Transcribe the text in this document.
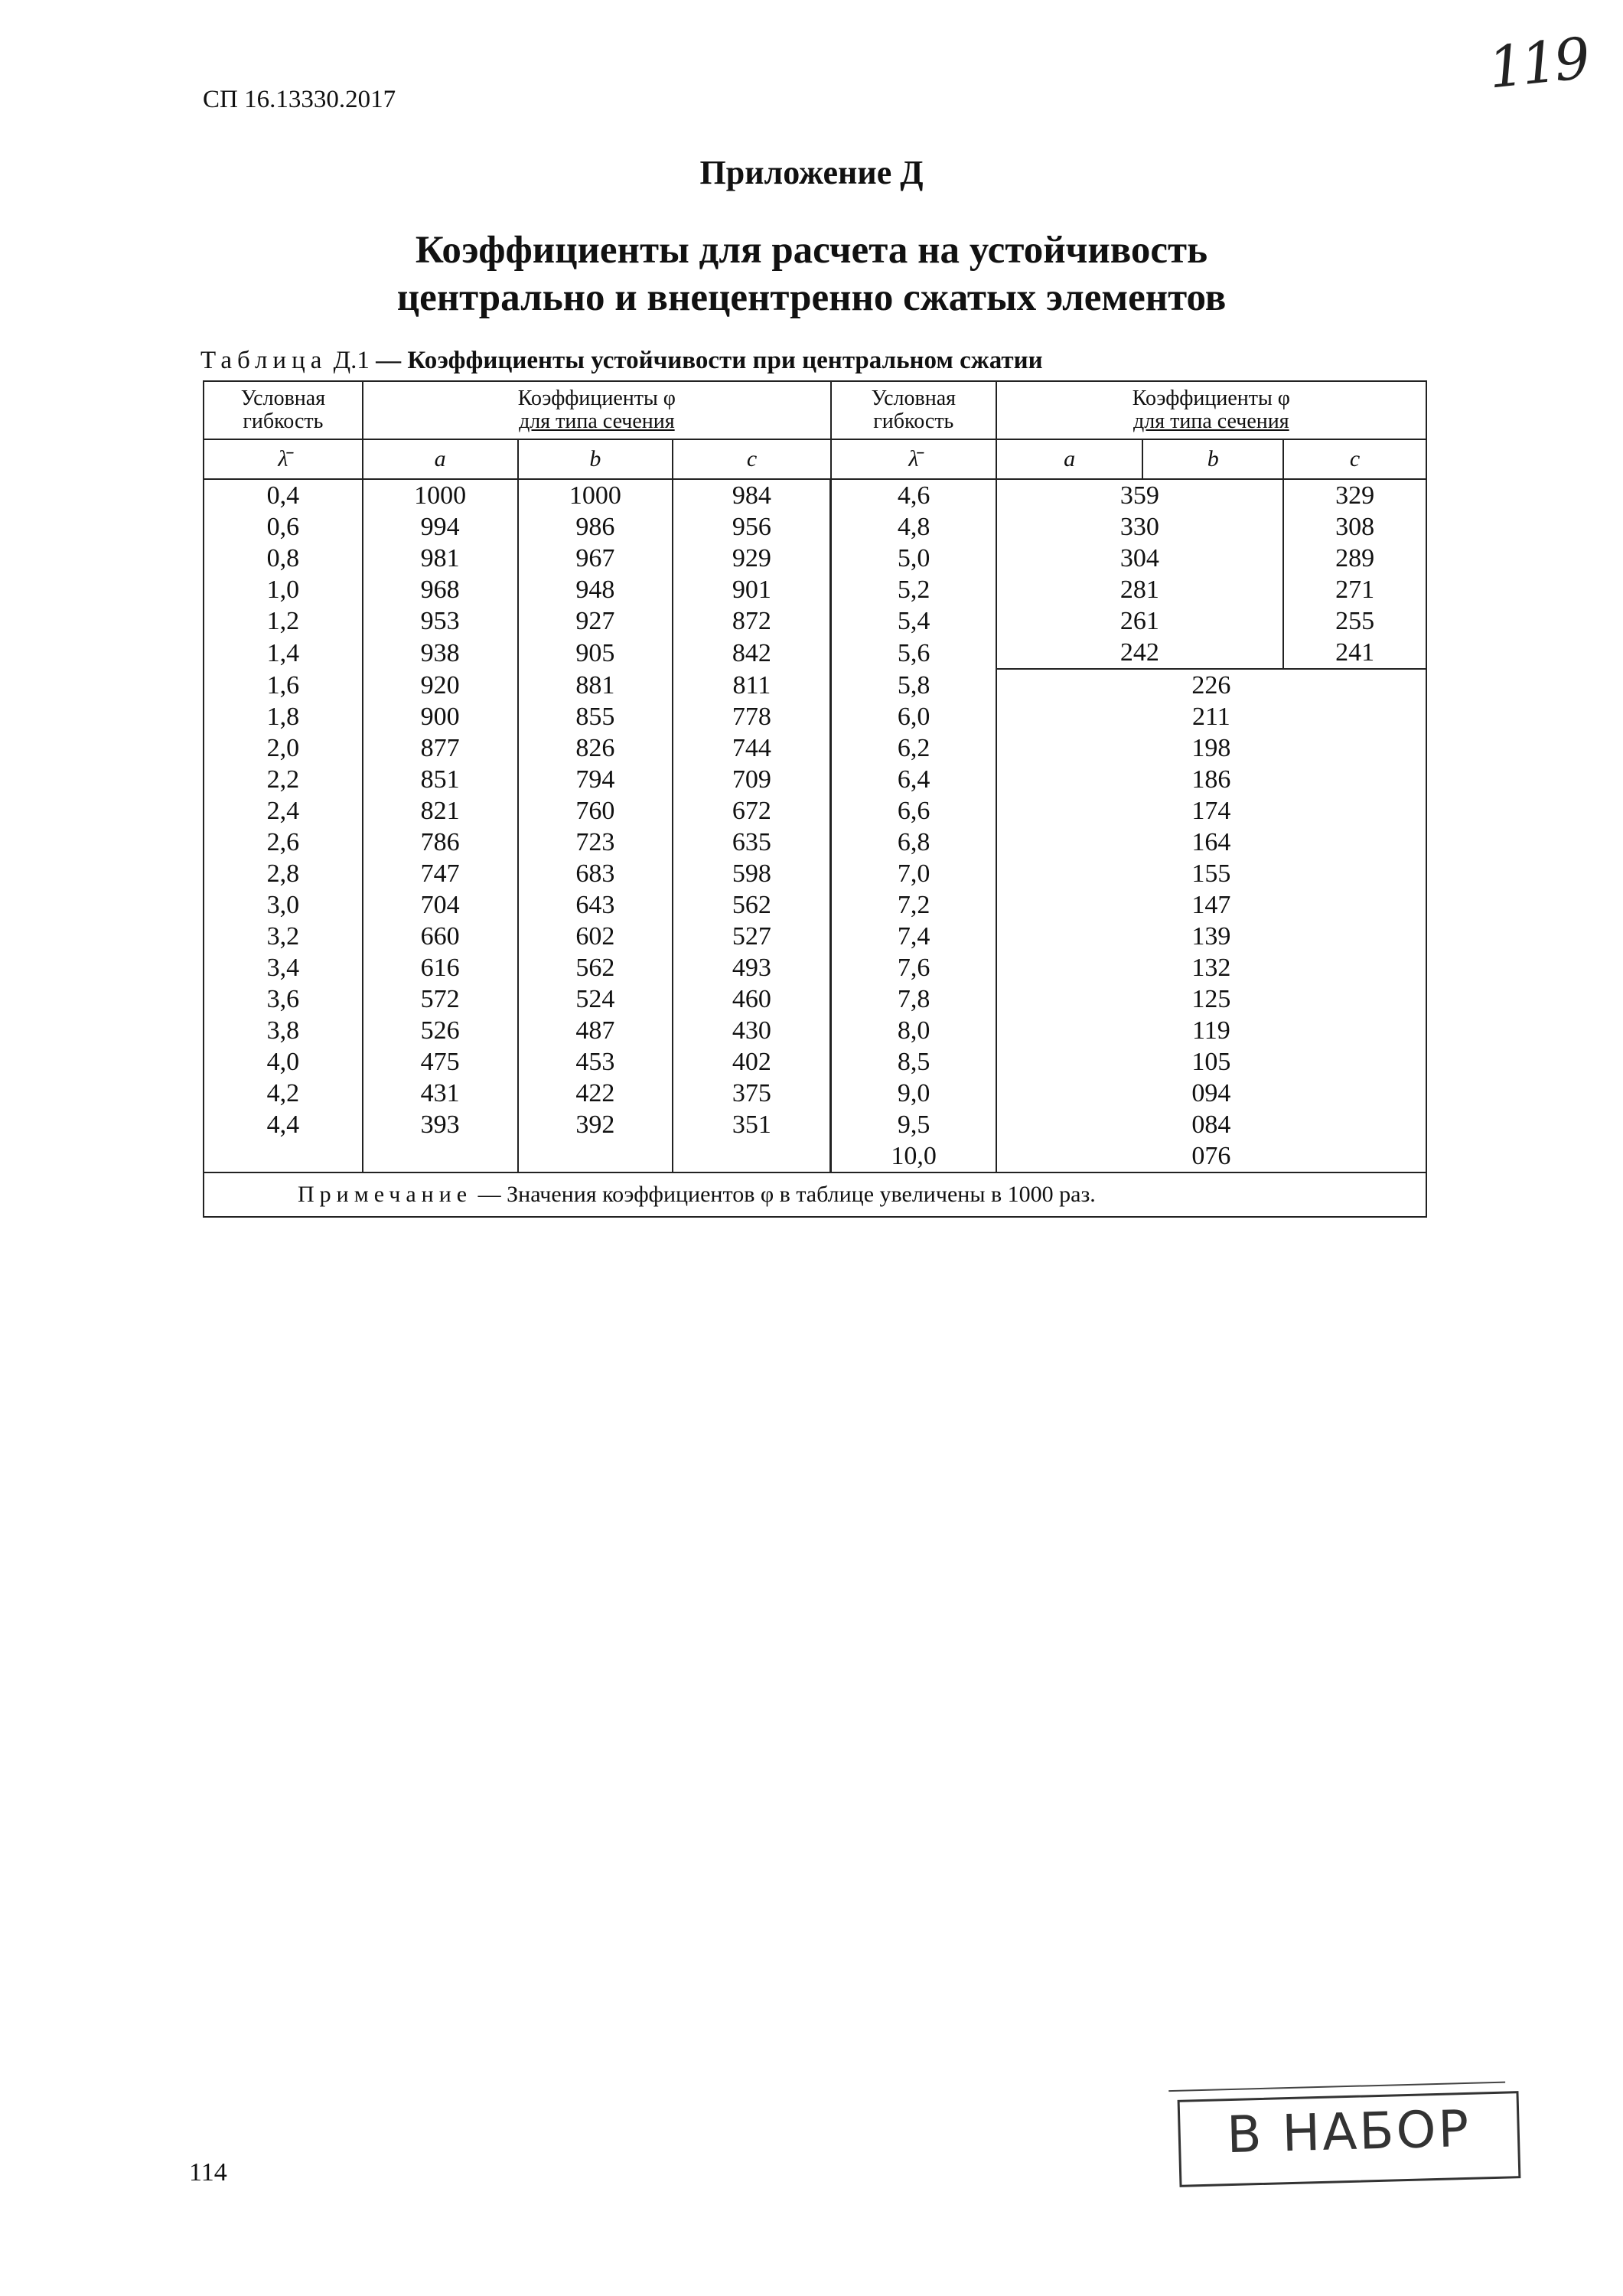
СП 16.13330.2017	119
Приложение Д
Коэффициенты для расчета на устойчивость
центрально и внецентренно сжатых элементов
Таблица Д.1 — Коэффициенты устойчивости при центральном сжатии
Условная
гибкость	Коэффициенты φ
для типа сечения			Условная
гибкость	Коэффициенты φ
для типа сечения		
λ̄	a	b	c	λ̄	a	b	c
0,4	1000	1000	984	4,6	359		329
0,6	994	986	956	4,8	330		308
0,8	981	967	929	5,0	304		289
1,0	968	948	901	5,2	281		271
1,2	953	927	872	5,4	261		255
1,4	938	905	842	5,6	242		241
1,6	920	881	811	5,8	226		
1,8	900	855	778	6,0	211		
2,0	877	826	744	6,2	198		
2,2	851	794	709	6,4	186		
2,4	821	760	672	6,6	174		
2,6	786	723	635	6,8	164		
2,8	747	683	598	7,0	155		
3,0	704	643	562	7,2	147		
3,2	660	602	527	7,4	139		
3,4	616	562	493	7,6	132		
3,6	572	524	460	7,8	125		
3,8	526	487	430	8,0	119		
4,0	475	453	402	8,5	105		
4,2	431	422	375	9,0	094		
4,4	393	392	351	9,5	084		
				10,0	076		
Примечание — Значения коэффициентов φ в таблице увеличены в 1000 раз.							
114
В НАБОР
